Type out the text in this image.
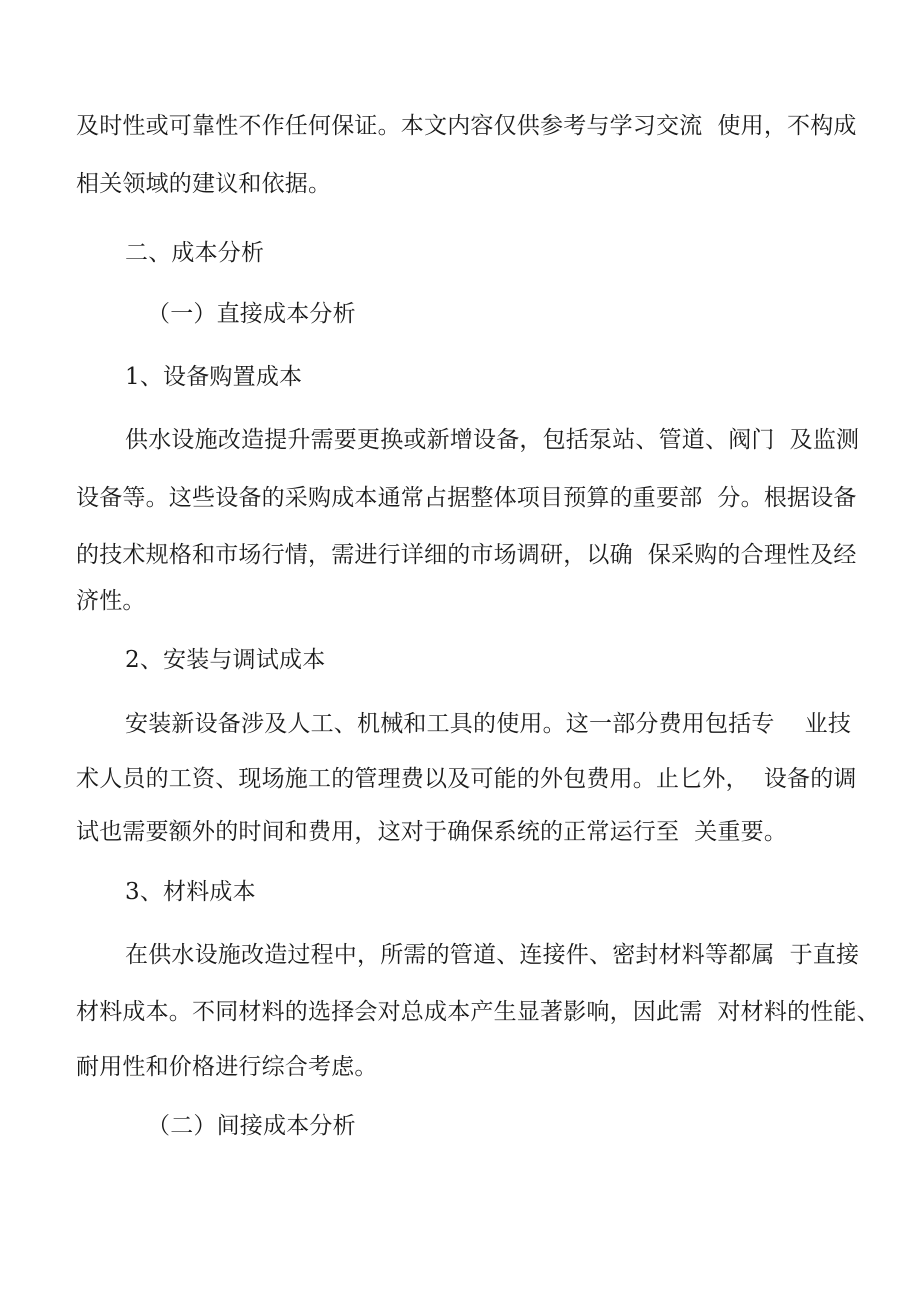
及时性或可靠性不作任何保证。本文内容仅供参考与学习交流  使用，不构成
相关领域的建议和依据。
二、成本分析
（一）直接成本分析
1、设备购置成本
供水设施改造提升需要更换或新增设备，包括泵站、管道、阀门  及监测
设备等。这些设备的采购成本通常占据整体项目预算的重要部  分。根据设备
的技术规格和市场行情，需进行详细的市场调研，以确  保采购的合理性及经
济性。
2、安装与调试成本
安装新设备涉及人工、机械和工具的使用。这一部分费用包括专    业技
术人员的工资、现场施工的管理费以及可能的外包费用。止匕外，  设备的调
试也需要额外的时间和费用，这对于确保系统的正常运行至  关重要。
3、材料成本
在供水设施改造过程中，所需的管道、连接件、密封材料等都属  于直接
材料成本。不同材料的选择会对总成本产生显著影响，因此需  对材料的性能、
耐用性和价格进行综合考虑。
（二）间接成本分析
